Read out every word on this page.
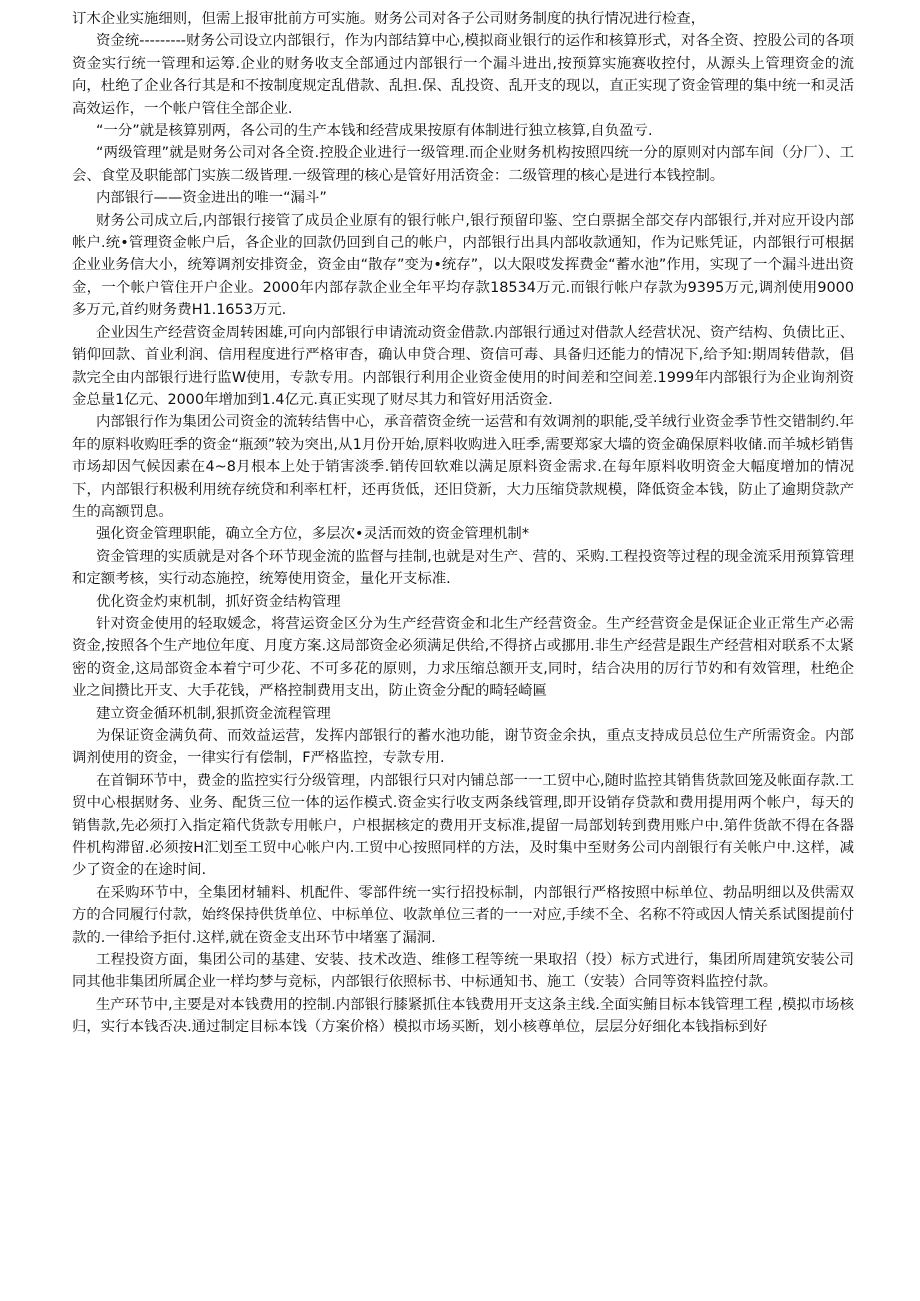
订木企业实施细则，但需上报审批前方可实施。财务公司对各子公司财务制度的执行情况进行检查，

资金统---------财务公司设立内部银行，作为内部结算中心,模拟商业银行的运作和核算形式，对各全资、控股公司的各项资金实行统一管理和运筹.企业的财务收支全部通过内部银行一个漏斗进出,按预算实施赛收控付，从源头上管理资金的流向，杜绝了企业各行其是和不按制度规定乱借款、乱担.保、乱投资、乱开支的现以，直正实现了资金管理的集中统一和灵活高效运作，一个帐户管住全部企业.

“一分”就是核算别两，各公司的生产本钱和经营成果按原有体制进行独立核算,自负盈亏.

“两级管理”就是财务公司对各全资.控股企业进行一级管理.而企业财务机构按照四统一分的原则对内部车间（分厂）、工会、食堂及职能部门实族二级皆理.一级管理的核心是管好用活资金：二级管理的核心是进行本钱控制。

内部银行——资金进出的唯一“漏斗”

财务公司成立后,内部银行接管了成员企业原有的银行帐户,银行预留印鉴、空白票据全部交存内部银行,并对应开设内部帐户.统•管理资金帐户后，各企业的回款仍回到自己的帐户，内部银行出具内部收款通知，作为记账凭证，内部银行可根据企业业务信大小，统筹调剂安排资金，资金由“散存”变为•统存”，以大限哎发挥费金“蓄水池”作用，实现了一个漏斗进出资金，一个帐户管住开户企业。2000年内部存款企业全年平均存款18534万元.而银行帐户存款为9395万元,调剂使用9000多万元,首约财务费H1.1653万元.

企业因生产经营资金周转困雄,可向内部银行申请流动资金借款.内部银行通过对借款人经营状况、资产结构、负债比正、销仰回款、首业利润、信用程度进行严格审杳，确认申贷合理、资信可毒、具备归还能力的情况下,给予知:期周转借款，倡款完全由内部银行进行监W使用，专款专用。内部银行利用企业资金使用的时间差和空间差.1999年内部银行为企业询剂资金总量1亿元、2000年增加到1.4亿元.真正实现了财尽其力和管好用活资金.

内部银行作为集团公司资金的流转结售中心，承音蓿资金统一运营和有效调剂的职能,受羊绒行业资金季节性交错制约.年年的原料收购旺季的资金“瓶颈”较为突出,从1月份开始,原料收购进入旺季,需要郑家大墙的资金确保原料收储.而羊城杉销售市场却因气候因素在4~8月根本上处于销害淡季.销传回软难以满足原料资金需求.在每年原料收明资金大幅度增加的情况下，内部银行积极利用统存统贷和利率杠杆，还再货低，还旧贷新，大力压缩贷款规模，降低资金本钱，防止了逾期贷款产生的高额罚息。

强化资金管理职能，确立全方位，多层次•灵活而效的资金管理机制*

资金管理的实质就是对各个环节现金流的监督与挂制,也就是对生产、营的、采购.工程投资等过程的现金流采用预算管理和定额考核，实行动态施控，统筹使用资金，量化开支标准.

优化资金灼束机制，抓好资金结构管理

针对资金使用的轻取媛念，将营运资金区分为生产经营资金和北生产经营资金。生产经营资金是保证企业正常生产必需资金,按照各个生产地位年度、月度方案.这局部资金必须满足供给,不得挤占或挪用.非生产经营是跟生产经营相对联系不太紧密的资金,这局部资金本着宁可少花、不可多花的原则，力求压缩总额开支,同时，结合决用的厉行节妁和有效管理，杜绝企业之间攒比开支、大手花钱，严格控制费用支出，防止资金分配的畸轻崎匾

建立资金循环机制,狠抓资金流程管理

为保证资金满负荷、而效益运营，发挥内部银行的蓄水池功能，谢节资金余执，重点支持成员总位生产所需资金。内部调剂使用的资金，一律实行有偿制，F严格监控，专款专用.

在首铜环节中，费金的监控实行分级管理，内部银行只对内铺总部一一工贸中心,随时监控其销售货款回笼及帐面存款.工贸中心根据财务、业务、配货三位一体的运作模式.资金实行收支两条线管理,即开设销存贷款和费用提用两个帐户，每天的销售款,先必须打入指定箱代货款专用帐户，户根据核定的费用开支标准,提留一局部划转到费用账户中.第件货歆不得在各器件机构滞留.必须按H汇划至工贸中心帐户内.工贸中心按照同样的方法，及时集中至财务公司内剖银行有关帐户中.这样，减少了资金的在途时间.

在采购环节中，全集团材辅料、机配件、零部件统一实行招投标制，内部银行严格按照中标单位、勃品明细以及供需双方的合同履行付款，始终保持供货单位、中标单位、收款单位三者的一一对应,手续不全、名称不符或因人情关系试图提前付款的.一律给予拒付.这样,就在资金支出环节中堵塞了漏洞.

工程投资方面，集团公司的基建、安装、技术改造、维修工程等统一果取招（投）标方式进行，集团所周建筑安装公司同其他非集团所属企业一样均梦与竞标，内部银行依照标书、中标通知书、施工（安装）合同等资料监控付款。

生产环节中,主要是对本钱费用的控制.内部银行膝紧抓住本钱费用开支这条主线.全面实鮪目标本钱管理工程 ,模拟市场核归，实行本钱否决.通过制定目标本饯（方案价格）模拟市场买断，划小核尊单位，层层分好细化本钱指标到好
